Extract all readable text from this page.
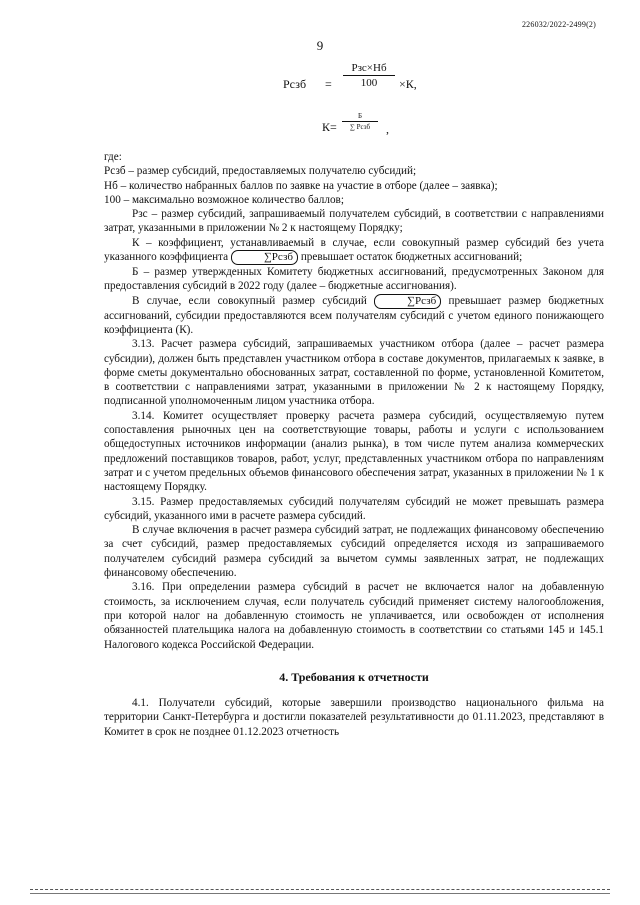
226032/2022-2499(2)
9
Рсзб =
Рзс×Нб
100	×К,
К=
Б
∑ Рсзб	,

где:

Рсзб – размер субсидий, предоставляемых получателю субсидий;

Нб – количество набранных баллов по заявке на участие в отборе (далее – заявка);

100 – максимально возможное количество баллов;

Рзс – размер субсидий, запрашиваемый получателем субсидий, в соответствии с направлениями затрат, указанными в приложении № 2 к настоящему Порядку;

К – коэффициент, устанавливаемый в случае, если совокупный размер субсидий без учета указанного коэффициента	∑Рсзб превышает остаток бюджетных ассигнований;

Б – размер утвержденных Комитету бюджетных ассигнований, предусмотренных Законом для предоставления субсидий в 2022 году (далее – бюджетные ассигнования).

В случае, если совокупный размер субсидий	∑Рсзб превышает размер бюджетных ассигнований, субсидии предоставляются всем получателям субсидий с учетом единого понижающего коэффициента (К).

3.13. Расчет размера субсидий, запрашиваемых участником отбора (далее – расчет размера субсидии), должен быть представлен участником отбора в составе документов, прилагаемых к заявке, в форме сметы документально обоснованных затрат, составленной по форме, установленной Комитетом, в соответствии с направлениями затрат, указанными в приложении № 2 к настоящему Порядку, подписанной уполномоченным лицом участника отбора.

3.14. Комитет осуществляет проверку расчета размера субсидий, осуществляемую путем сопоставления рыночных цен на соответствующие товары, работы и услуги с использованием общедоступных источников информации (анализ рынка), в том числе путем анализа коммерческих предложений поставщиков товаров, работ, услуг, представленных участником отбора по направлениям затрат и с учетом предельных объемов финансового обеспечения затрат, указанных в приложении № 1 к настоящему Порядку.

3.15. Размер предоставляемых субсидий получателям субсидий не может превышать размера субсидий, указанного ими в расчете размера субсидий.

В случае включения в расчет размера субсидий затрат, не подлежащих финансовому обеспечению за счет субсидий, размер предоставляемых субсидий определяется исходя из запрашиваемого получателем субсидий размера субсидий за вычетом суммы заявленных затрат, не подлежащих финансовому обеспечению.

3.16. При определении размера субсидий в расчет не включается налог на добавленную стоимость, за исключением случая, если получатель субсидий применяет систему налогообложения, при которой налог на добавленную стоимость не уплачивается, или освобожден от исполнения обязанностей плательщика налога на добавленную стоимость в соответствии со статьями 145 и 145.1 Налогового кодекса Российской Федерации.

4. Требования к отчетности

4.1. Получатели субсидий, которые завершили производство национального фильма на территории Санкт-Петербурга и достигли показателей результативности до 01.11.2023, представляют в Комитет в срок не позднее 01.12.2023 отчетность
